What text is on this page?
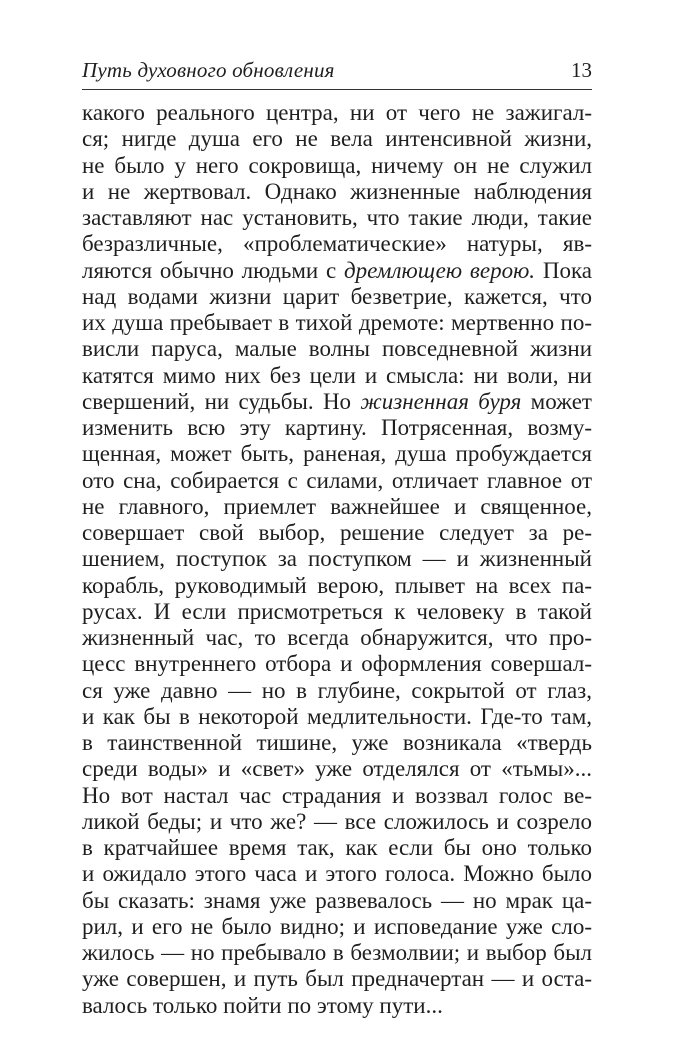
Путь духовного обновления	13
какого реального центра, ни от чего не зажигал-
ся; нигде душа его не вела интенсивной жизни,
не было у него сокровища, ничему он не служил
и не жертвовал. Однако жизненные наблюдения
заставляют нас установить, что такие люди, такие
безразличные, «проблематические» натуры, яв-
ляются обычно людьми с дремлющею верою. Пока
над водами жизни царит безветрие, кажется, что
их душа пребывает в тихой дремоте: мертвенно по-
висли паруса, малые волны повседневной жизни
катятся мимо них без цели и смысла: ни воли, ни
свершений, ни судьбы. Но жизненная буря может
изменить всю эту картину. Потрясенная, возму-
щенная, может быть, раненая, душа пробуждается
ото сна, собирается с силами, отличает главное от
не главного, приемлет важнейшее и священное,
совершает свой выбор, решение следует за ре-
шением, поступок за поступком — и жизненный
корабль, руководимый верою, плывет на всех па-
русах. И если присмотреться к человеку в такой
жизненный час, то всегда обнаружится, что про-
цесс внутреннего отбора и оформления совершал-
ся уже давно — но в глубине, сокрытой от глаз,
и как бы в некоторой медлительности. Где-то там,
в таинственной тишине, уже возникала «твердь
среди воды» и «свет» уже отделялся от «тьмы»...
Но вот настал час страдания и воззвал голос ве-
ликой беды; и что же? — все сложилось и созрело
в кратчайшее время так, как если бы оно только
и ожидало этого часа и этого голоса. Можно было
бы сказать: знамя уже развевалось — но мрак ца-
рил, и его не было видно; и исповедание уже сло-
жилось — но пребывало в безмолвии; и выбор был
уже совершен, и путь был предначертан — и оста-
валось только пойти по этому пути...
